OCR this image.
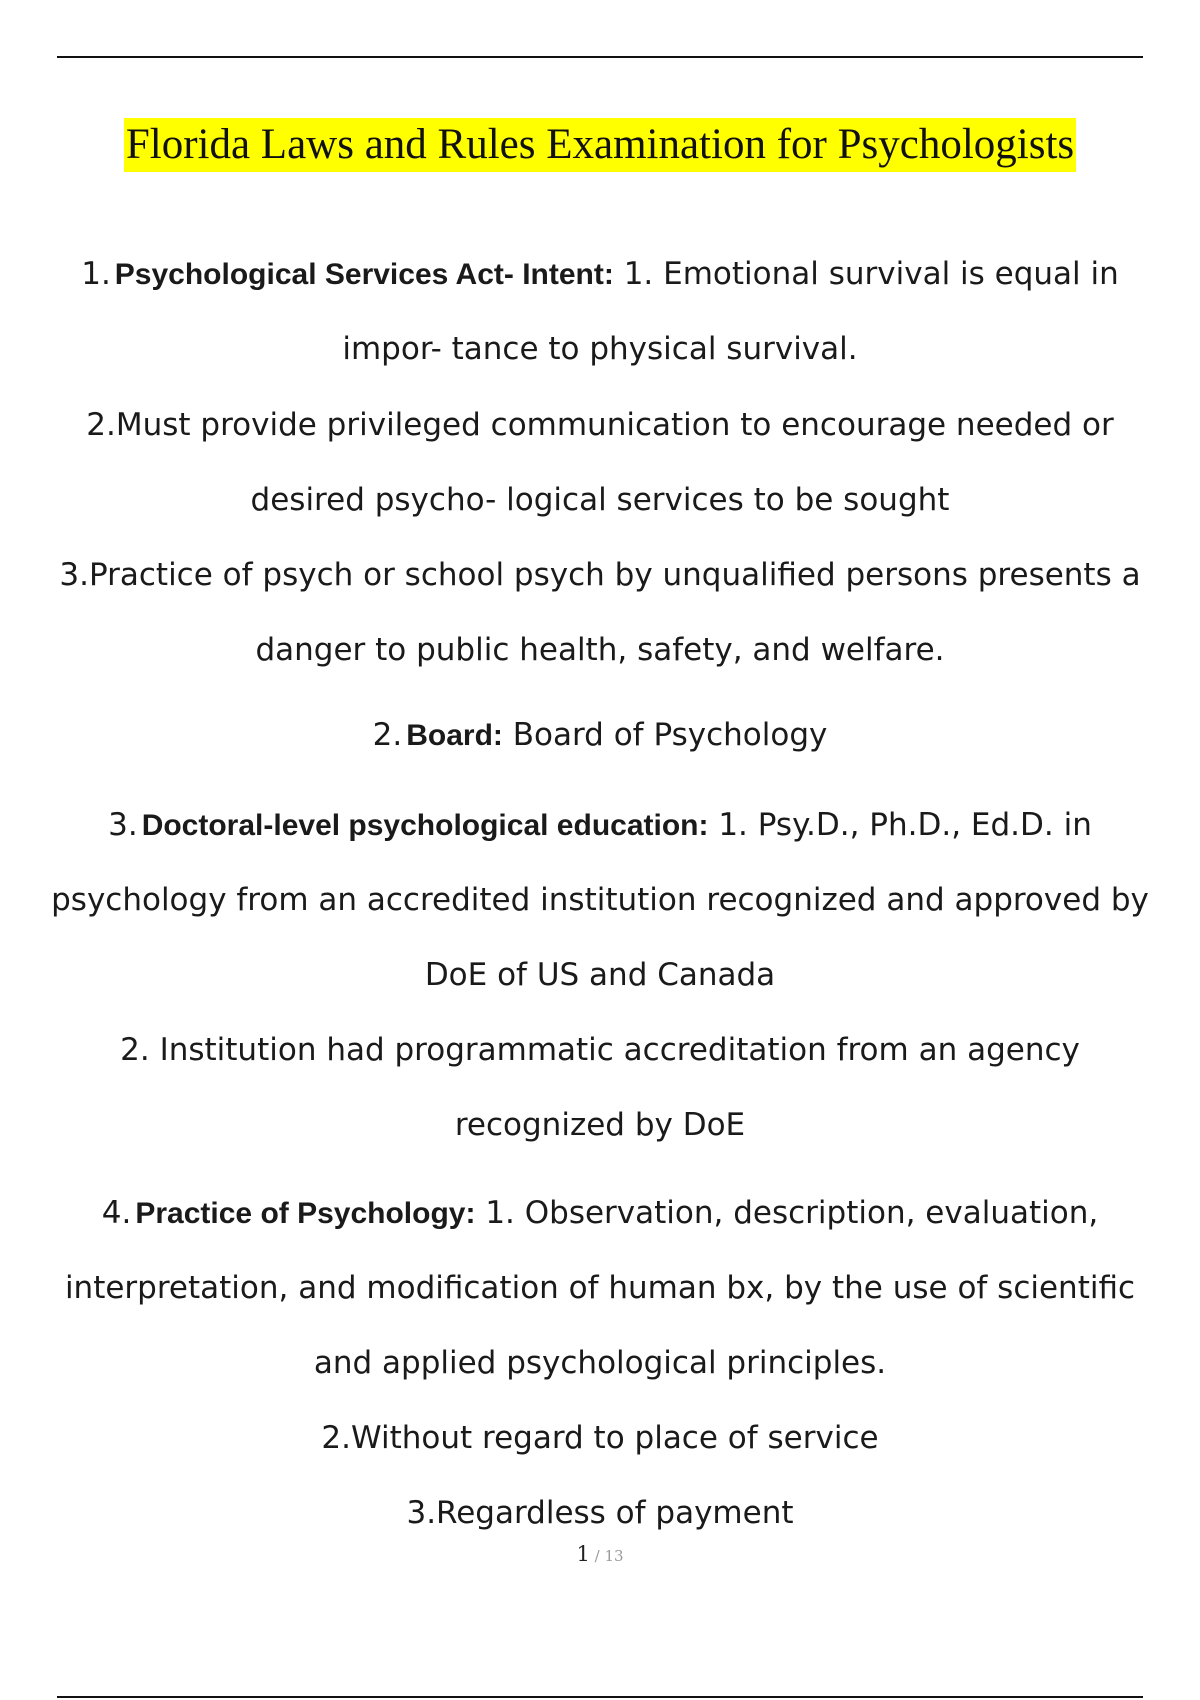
Florida Laws and Rules Examination for Psychologists
1. Psychological Services Act- Intent: 1. Emotional survival is equal in
impor- tance to physical survival.
2.Must provide privileged communication to encourage needed or
desired psycho- logical services to be sought
3.Practice of psych or school psych by unqualified persons presents a
danger to public health, safety, and welfare.
2. Board: Board of Psychology
3. Doctoral-level psychological education: 1. Psy.D., Ph.D., Ed.D. in
psychology from an accredited institution recognized and approved by
DoE of US and Canada
2. Institution had programmatic accreditation from an agency
recognized by DoE
4. Practice of Psychology: 1. Observation, description, evaluation,
interpretation, and modification of human bx, by the use of scientific
and applied psychological principles.
2.Without regard to place of service
3.Regardless of payment
1 / 13
